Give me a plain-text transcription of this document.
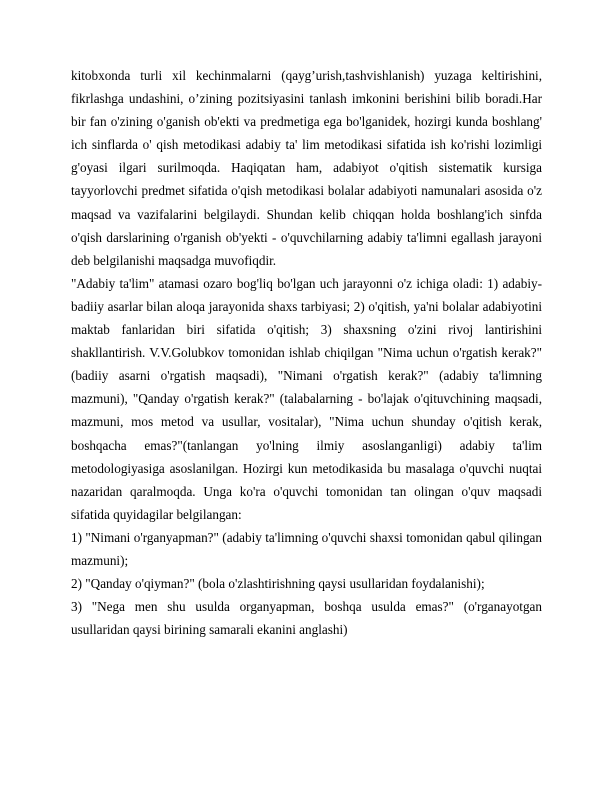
kitobxonda turli xil kechinmalarni (qayg’urish,tashvishlanish) yuzaga keltirishini, fikrlashga undashini, o’zining pozitsiyasini tanlash imkonini berishini bilib boradi.Har bir fan o'zining o'ganish ob'ekti va predmetiga ega bo'lganidek, hozirgi kunda boshlang' ich sinflarda o' qish metodikasi adabiy ta' lim metodikasi sifatida ish ko'rishi lozimligi g'oyasi ilgari surilmoqda. Haqiqatan ham, adabiyot o'qitish sistematik kursiga tayyorlovchi predmet sifatida o'qish metodikasi bolalar adabiyoti namunalari asosida o'z maqsad va vazifalarini belgilaydi. Shundan kelib chiqqan holda boshlang'ich sinfda o'qish darslarining o'rganish ob'yekti - o'quvchilarning adabiy ta'limni egallash jarayoni deb belgilanishi maqsadga muvofiqdir.

"Adabiy ta'lim" atamasi ozaro bog'liq bo'lgan uch jarayonni o'z ichiga oladi: 1) adabiy-badiiy asarlar bilan aloqa jarayonida shaxs tarbiyasi; 2) o'qitish, ya'ni bolalar adabiyotini maktab fanlaridan biri sifatida o'qitish; 3) shaxsning o'zini rivoj lantirishini shakllantirish. V.V.Golubkov tomonidan ishlab chiqilgan "Nima uchun o'rgatish kerak?" (badiiy asarni o'rgatish maqsadi), "Nimani o'rgatish kerak?" (adabiy ta'limning mazmuni), "Qanday o'rgatish kerak?" (talabalarning - bo'lajak o'qituvchining maqsadi, mazmuni, mos metod va usullar, vositalar), "Nima uchun shunday o'qitish kerak, boshqacha emas?"(tanlangan yo'lning ilmiy asoslanganligi) adabiy ta'lim metodologiyasiga asoslanilgan. Hozirgi kun metodikasida bu masalaga o'quvchi nuqtai nazaridan qaralmoqda. Unga ko'ra o'quvchi tomonidan tan olingan o'quv maqsadi sifatida quyidagilar belgilangan:

1) "Nimani o'rganyapman?" (adabiy ta'limning o'quvchi shaxsi tomonidan qabul qilingan mazmuni);

2) "Qanday o'qiyman?" (bola o'zlashtirishning qaysi usullaridan foydalanishi);

3) "Nega men shu usulda organyapman, boshqa usulda emas?" (o'rganayotgan usullaridan qaysi birining samarali ekanini anglashi)
